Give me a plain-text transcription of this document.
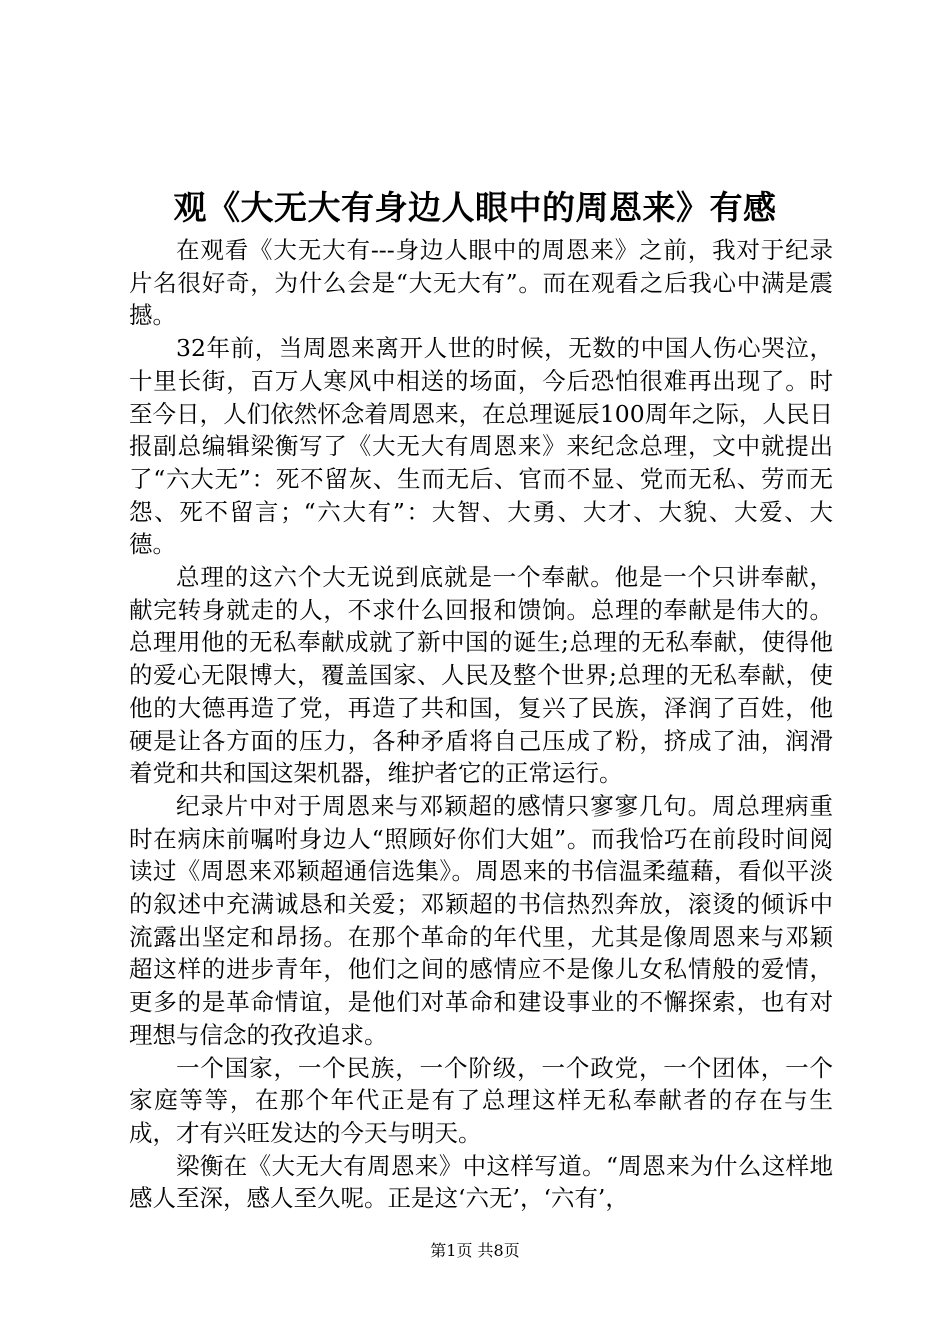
观《大无大有身边人眼中的周恩来》有感

在观看《大无大有---身边人眼中的周恩来》之前，我对于纪录片名很好奇，为什么会是“大无大有”。而在观看之后我心中满是震撼。

32年前，当周恩来离开人世的时候，无数的中国人伤心哭泣，十里长街，百万人寒风中相送的场面，今后恐怕很难再出现了。时至今日，人们依然怀念着周恩来，在总理诞辰100周年之际，人民日报副总编辑梁衡写了《大无大有周恩来》来纪念总理，文中就提出了“六大无”：死不留灰、生而无后、官而不显、党而无私、劳而无怨、死不留言；“六大有”：大智、大勇、大才、大貌、大爱、大德。

总理的这六个大无说到底就是一个奉献。他是一个只讲奉献，献完转身就走的人，不求什么回报和馈饷。总理的奉献是伟大的。总理用他的无私奉献成就了新中国的诞生;总理的无私奉献，使得他的爱心无限博大，覆盖国家、人民及整个世界;总理的无私奉献，使他的大德再造了党，再造了共和国，复兴了民族，泽润了百姓，他硬是让各方面的压力，各种矛盾将自己压成了粉，挤成了油，润滑着党和共和国这架机器，维护者它的正常运行。

纪录片中对于周恩来与邓颖超的感情只寥寥几句。周总理病重时在病床前嘱咐身边人“照顾好你们大姐”。而我恰巧在前段时间阅读过《周恩来邓颖超通信选集》。周恩来的书信温柔蕴藉，看似平淡的叙述中充满诚恳和关爱；邓颖超的书信热烈奔放，滚烫的倾诉中流露出坚定和昂扬。在那个革命的年代里，尤其是像周恩来与邓颖超这样的进步青年，他们之间的感情应不是像儿女私情般的爱情，更多的是革命情谊，是他们对革命和建设事业的不懈探索，也有对理想与信念的孜孜追求。

一个国家，一个民族，一个阶级，一个政党，一个团体，一个家庭等等，在那个年代正是有了总理这样无私奉献者的存在与生成，才有兴旺发达的今天与明天。

梁衡在《大无大有周恩来》中这样写道。“周恩来为什么这样地感人至深，感人至久呢。正是这‘六无’，‘六有’，

第1页 共8页
